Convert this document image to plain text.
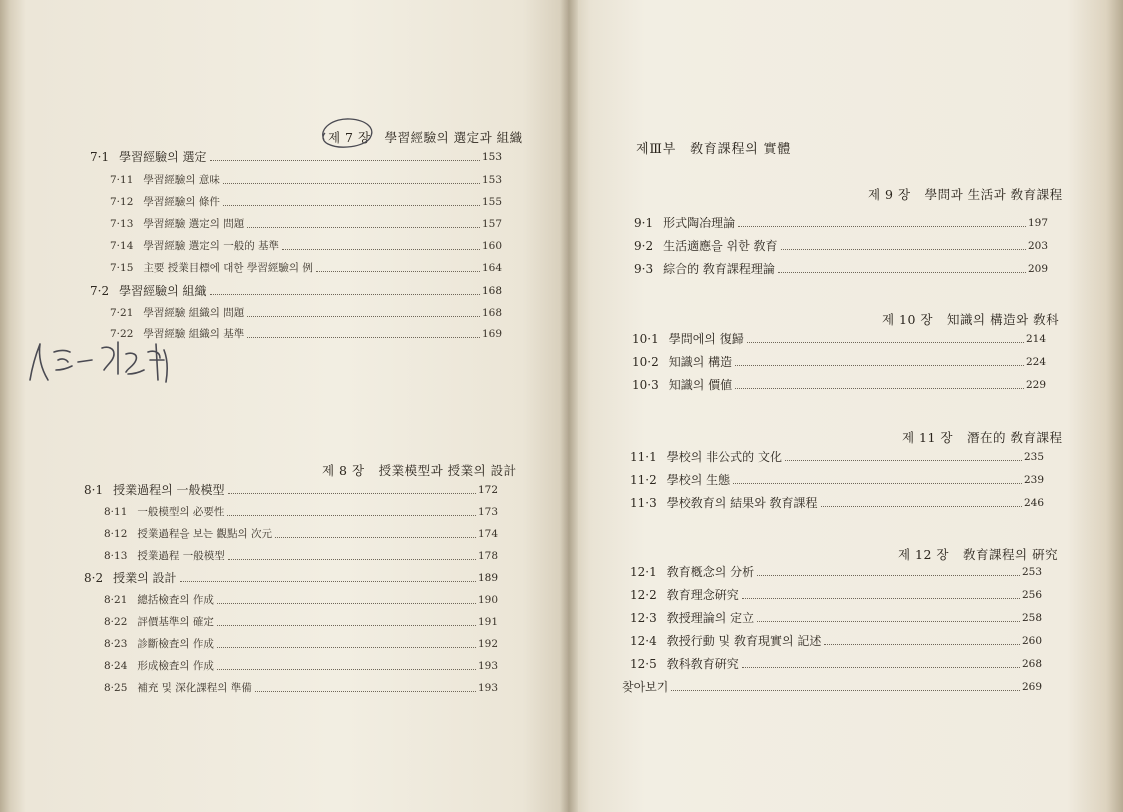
제 7 장 學習經驗의 選定과 組織
7·1 學習經驗의 選定	153
7·11 學習經驗의 意味	153
7·12 學習經驗의 條件	155
7·13 學習經驗 選定의 問題	157
7·14 學習經驗 選定의 一般的 基準	160
7·15 主要 授業目標에 대한 學習經驗의 例	164
7·2 學習經驗의 組織	168
7·21 學習經驗 組織의 問題	168
7·22 學習經驗 組織의 基準	169
제 8 장 授業模型과 授業의 設計
8·1 授業過程의 一般模型	172
8·11 一般模型의 必要性	173
8·12 授業過程을 보는 觀點의 次元	174
8·13 授業過程 一般模型	178
8·2 授業의 設計	189
8·21 總括檢査의 作成	190
8·22 評價基準의 確定	191
8·23 診斷檢査의 作成	192
8·24 形成檢査의 作成	193
8·25 補充 및 深化課程의 準備	193
제Ⅲ부 敎育課程의 實體
제 9 장 學問과 生活과 敎育課程
9·1 形式陶冶理論	197
9·2 生活適應을 위한 敎育	203
9·3 綜合的 敎育課程理論	209
제 10 장 知識의 構造와 敎科
10·1 學問에의 復歸	214
10·2 知識의 構造	224
10·3 知識의 價値	229
제 11 장 潛在的 敎育課程
11·1 學校의 非公式的 文化	235
11·2 學校의 生態	239
11·3 學校敎育의 結果와 敎育課程	246
제 12 장 敎育課程의 硏究
12·1 敎育槪念의 分析	253
12·2 敎育理念硏究	256
12·3 敎授理論의 定立	258
12·4 敎授行動 및 敎育現實의 記述	260
12·5 敎科敎育硏究	268
찾아보기	269
